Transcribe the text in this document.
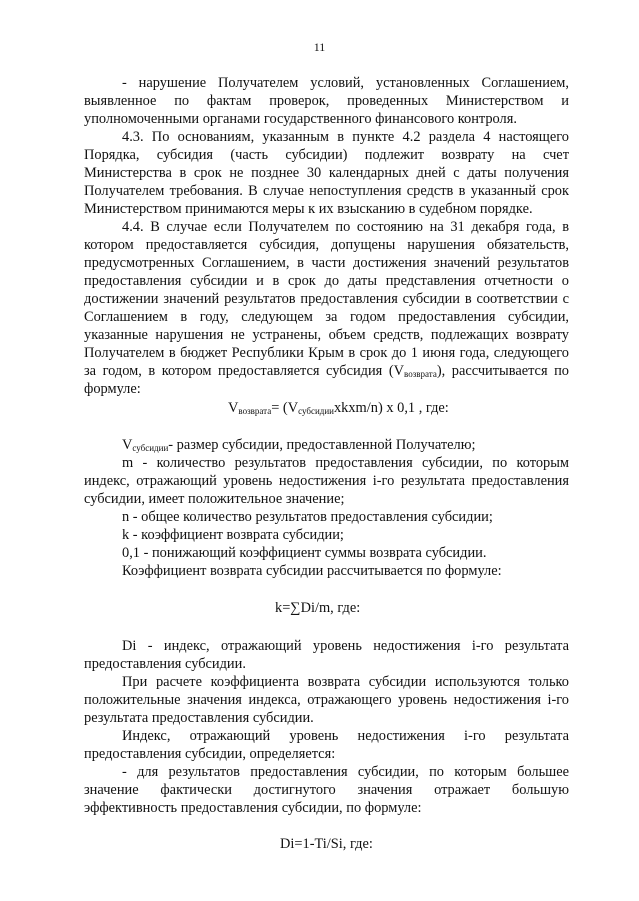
11
- нарушение Получателем условий, установленных Соглашением,
выявленное по фактам проверок, проведенных Министерством и
уполномоченными органами государственного финансового контроля.
4.3. По основаниям, указанным в пункте 4.2 раздела 4 настоящего
Порядка, субсидия (часть субсидии) подлежит возврату на счет
Министерства в срок не позднее 30 календарных дней с даты получения
Получателем требования. В случае непоступления средств в указанный срок
Министерством принимаются меры к их взысканию в судебном порядке.
4.4. В случае если Получателем по состоянию на 31 декабря года, в
котором предоставляется субсидия, допущены нарушения обязательств,
предусмотренных Соглашением, в части достижения значений результатов
предоставления субсидии и в срок до даты представления отчетности о
достижении значений результатов предоставления субсидии в соответствии с
Соглашением в году, следующем за годом предоставления субсидии,
указанные нарушения не устранены, объем средств, подлежащих возврату
Получателем в бюджет Республики Крым в срок до 1 июня года, следующего
за годом, в котором предоставляется субсидия $(V_{возврата})$, рассчитывается по
формуле:
$V_{возврата}=$ $(V_{субсидии}xkxm/n)$ x 0,1 , где:
$V_{субсидии}-$ размер субсидии, предоставленной Получателю;
m - количество результатов предоставления субсидии, по которым
индекс, отражающий уровень недостижения i-го результата предоставления
субсидии, имеет положительное значение;
n - общее количество результатов предоставления субсидии;
k - коэффициент возврата субсидии;
0,1 - понижающий коэффициент суммы возврата субсидии.
Коэффициент возврата субсидии рассчитывается по формуле:
k=∑Di/m, где:
Di - индекс, отражающий уровень недостижения i-го результата
предоставления субсидии.
При расчете коэффициента возврата субсидии используются только
положительные значения индекса, отражающего уровень недостижения i-го
результата предоставления субсидии.
Индекс, отражающий уровень недостижения i-го результата
предоставления субсидии, определяется:
- для результатов предоставления субсидии, по которым большее
значение фактически достигнутого значения отражает большую
эффективность предоставления субсидии, по формуле:
Di=1-Ti/Si, где:
